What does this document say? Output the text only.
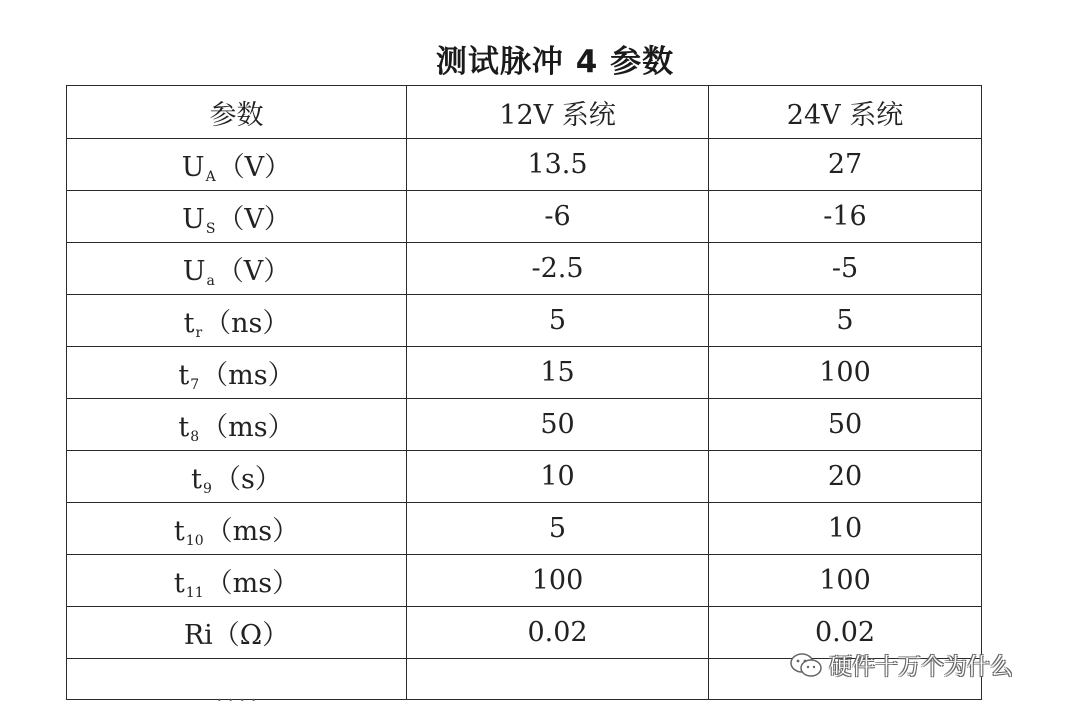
测试脉冲 4 参数
参数	12V 系统	24V 系统
UA（V）	13.5	27
US（V）	-6	-16
Ua（V）	-2.5	-5
tr（ns）	5	5
t7（ms）	15	100
t8（ms）	50	50
t9（s）	10	20
t10（ms）	5	10
t11（ms）	100	100
Ri（Ω）	0.02	0.02
$_{\cdot \cdot \cdot \cdot}$		
硬件十万个为什么
